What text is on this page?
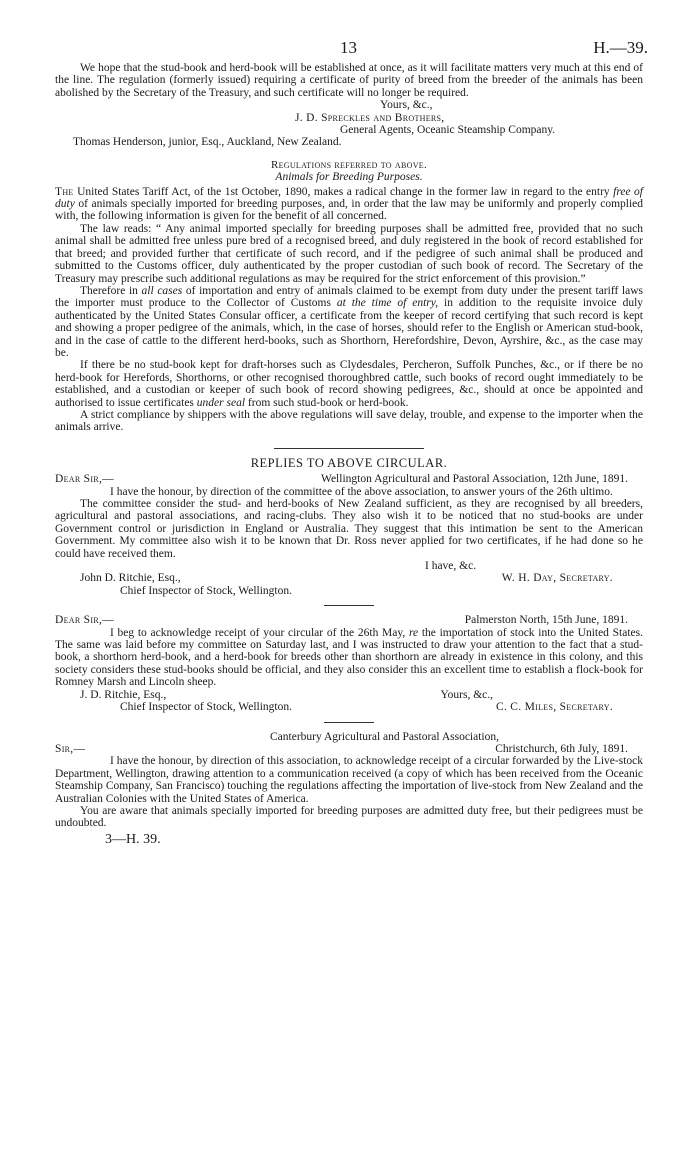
13	H.—39.

We hope that the stud-book and herd-book will be established at once, as it will facilitate matters very much at this end of the line. The regulation (formerly issued) requiring a certificate of purity of breed from the breeder of the animals has been abolished by the Secretary of the Treasury, and such certificate will no longer be required.

Yours, &c.,

J. D. Spreckles and Brothers,

General Agents, Oceanic Steamship Company.

Thomas Henderson, junior, Esq., Auckland, New Zealand.

Regulations referred to above.

Animals for Breeding Purposes.

The United States Tariff Act, of the 1st October, 1890, makes a radical change in the former law in regard to the entry free of duty of animals specially imported for breeding purposes, and, in order that the law may be uniformly and properly complied with, the following information is given for the benefit of all concerned.

The law reads: “ Any animal imported specially for breeding purposes shall be admitted free, provided that no such animal shall be admitted free unless pure bred of a recognised breed, and duly registered in the book of record established for that breed; and provided further that certificate of such record, and if the pedigree of such animal shall be produced and submitted to the Customs officer, duly authenticated by the proper custodian of such book of record. The Secretary of the Treasury may prescribe such additional regulations as may be required for the strict enforcement of this provision.”

Therefore in all cases of importation and entry of animals claimed to be exempt from duty under the present tariff laws the importer must produce to the Collector of Customs at the time of entry, in addition to the requisite invoice duly authenticated by the United States Consular officer, a certificate from the keeper of record certifying that such record is kept and showing a proper pedigree of the animals, which, in the case of horses, should refer to the English or American stud-book, and in the case of cattle to the different herd-books, such as Shorthorn, Herefordshire, Devon, Ayrshire, &c., as the case may be.

If there be no stud-book kept for draft-horses such as Clydesdales, Percheron, Suffolk Punches, &c., or if there be no herd-book for Herefords, Shorthorns, or other recognised thoroughbred cattle, such books of record ought immediately to be established, and a custodian or keeper of such book of record showing pedigrees, &c., should at once be appointed and authorised to issue certificates under seal from such stud-book or herd-book.

A strict compliance by shippers with the above regulations will save delay, trouble, and expense to the importer when the animals arrive.

REPLIES TO ABOVE CIRCULAR.

Dear Sir,—	Wellington Agricultural and Pastoral Association, 12th June, 1891.

I have the honour, by direction of the committee of the above association, to answer yours of the 26th ultimo.

The committee consider the stud- and herd-books of New Zealand sufficient, as they are recognised by all breeders, agricultural and pastoral associations, and racing-clubs. They also wish it to be noticed that no stud-books are under Government control or jurisdiction in England or Australia. They suggest that this intimation be sent to the American Government. My committee also wish it to be known that Dr. Ross never applied for two certificates, if he had done so he could have received them.

I have, &c.

John D. Ritchie, Esq.,	W. H. Day, Secretary.

Chief Inspector of Stock, Wellington.

Dear Sir,—	Palmerston North, 15th June, 1891.

I beg to acknowledge receipt of your circular of the 26th May, re the importation of stock into the United States. The same was laid before my committee on Saturday last, and I was instructed to draw your attention to the fact that a stud-book, a shorthorn herd-book, and a herd-book for breeds other than shorthorn are already in existence in this colony, and this society considers these stud-books should be official, and they also consider this an excellent time to establish a flock-book for Romney Marsh and Lincoln sheep.

J. D. Ritchie, Esq.,	Yours, &c.,
Chief Inspector of Stock, Wellington.	C. C. Miles, Secretary.

Canterbury Agricultural and Pastoral Association,

Sir,—	Christchurch, 6th July, 1891.

I have the honour, by direction of this association, to acknowledge receipt of a circular forwarded by the Live-stock Department, Wellington, drawing attention to a communication received (a copy of which has been received from the Oceanic Steamship Company, San Francisco) touching the regulations affecting the importation of live-stock from New Zealand and the Australian Colonies with the United States of America.

You are aware that animals specially imported for breeding purposes are admitted duty free, but their pedigrees must be undoubted.

3—H. 39.
